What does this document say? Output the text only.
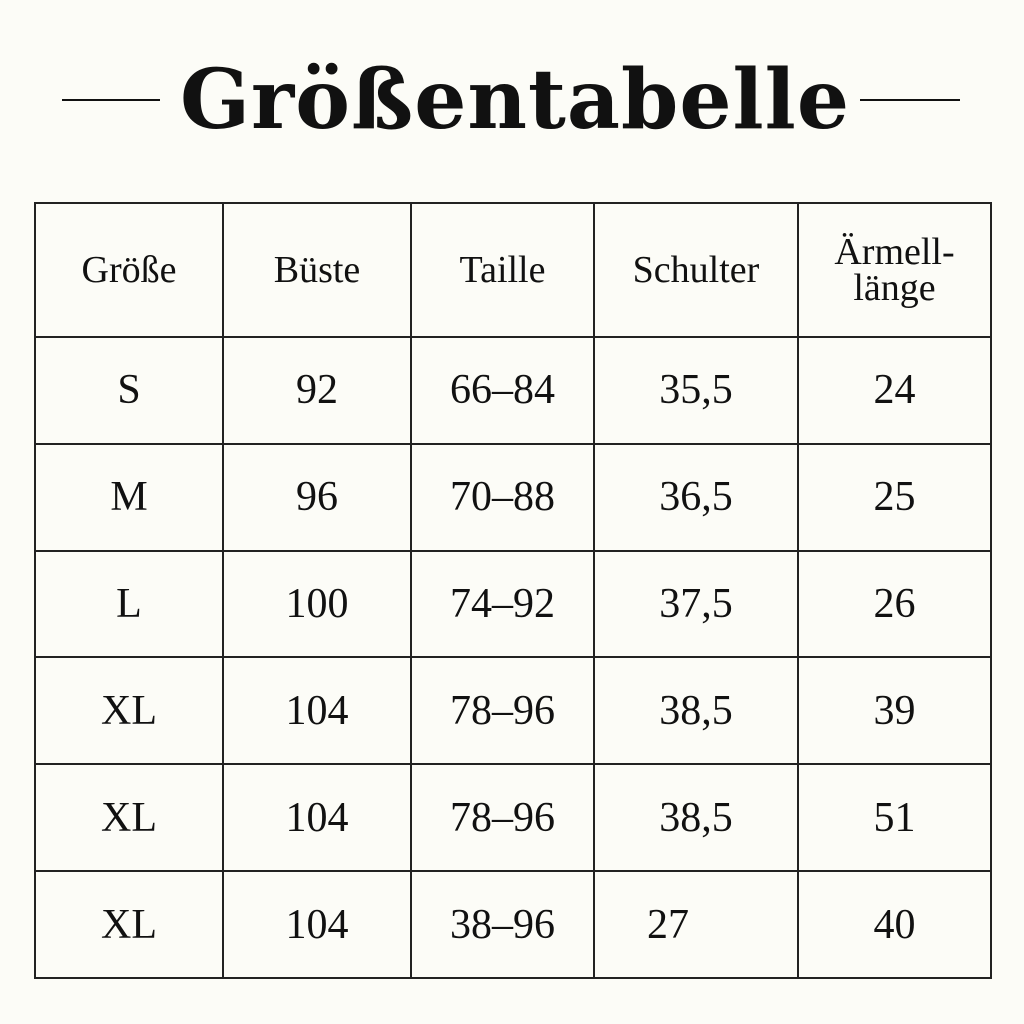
Größentabelle
Größe	Büste	Taille	Schulter	Ärmell-
länge
S	92	66–84	35,5	24
M	96	70–88	36,5	25
L	100	74–92	37,5	26
XL	104	78–96	38,5	39
XL	104	78–96	38,5	51
XL	104	38–96	27	40
